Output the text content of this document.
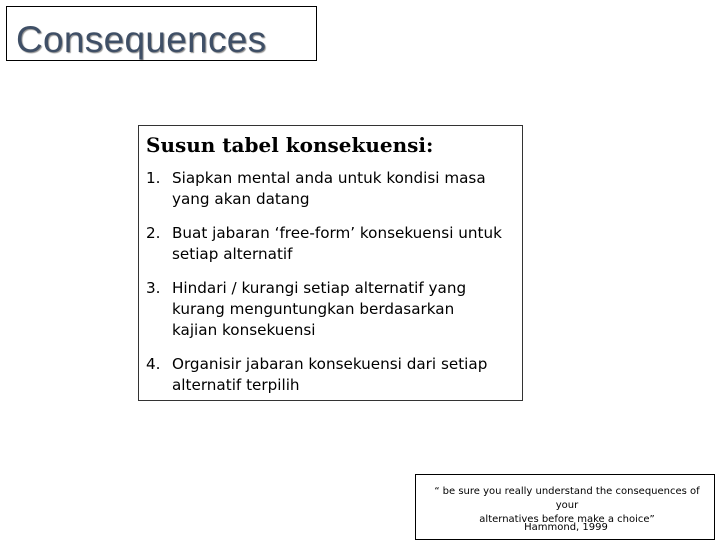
Consequences
Susun tabel konsekuensi:
1. Siapkan mental anda untuk kondisi masa
yang akan datang
2. Buat jabaran ‘free-form’ konsekuensi untuk
setiap alternatif
3. Hindari / kurangi setiap alternatif yang
kurang menguntungkan berdasarkan
kajian konsekuensi
4. Organisir jabaran konsekuensi dari setiap
alternatif terpilih
“ be sure you really understand the consequences of your
alternatives before make a choice”
Hammond, 1999
